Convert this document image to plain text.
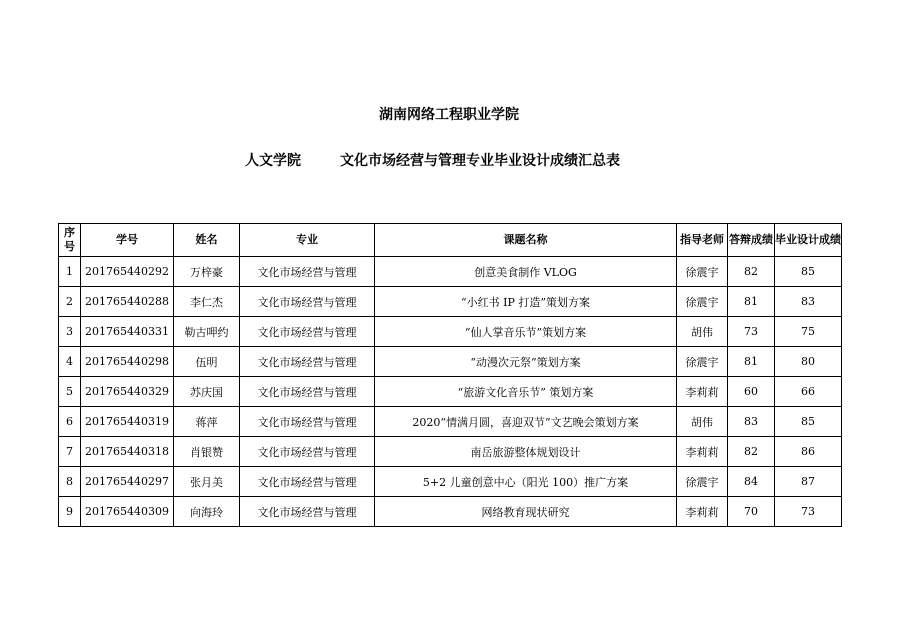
湖南网络工程职业学院
人文学院	文化市场经营与管理专业毕业设计成绩汇总表
序号	学号	姓名	专业	课题名称	指导老师	答辩成绩	毕业设计成绩
1	201765440292	万梓豪	文化市场经营与管理	创意美食制作 VLOG	徐震宇	82	85
2	201765440288	李仁杰	文化市场经营与管理	“小红书 IP 打造”策划方案	徐震宇	81	83
3	201765440331	勒古呷约	文化市场经营与管理	“仙人掌音乐节”策划方案	胡伟	73	75
4	201765440298	伍明	文化市场经营与管理	“动漫次元祭”策划方案	徐震宇	81	80
5	201765440329	苏庆国	文化市场经营与管理	“旅游文化音乐节” 策划方案	李莉莉	60	66
6	201765440319	蒋萍	文化市场经营与管理	2020“情满月圆，喜迎双节”文艺晚会策划方案	胡伟	83	85
7	201765440318	肖银赞	文化市场经营与管理	南岳旅游整体规划设计	李莉莉	82	86
8	201765440297	张月美	文化市场经营与管理	5+2 儿童创意中心（阳光 100）推广方案	徐震宇	84	87
9	201765440309	向海玲	文化市场经营与管理	网络教育现状研究	李莉莉	70	73
